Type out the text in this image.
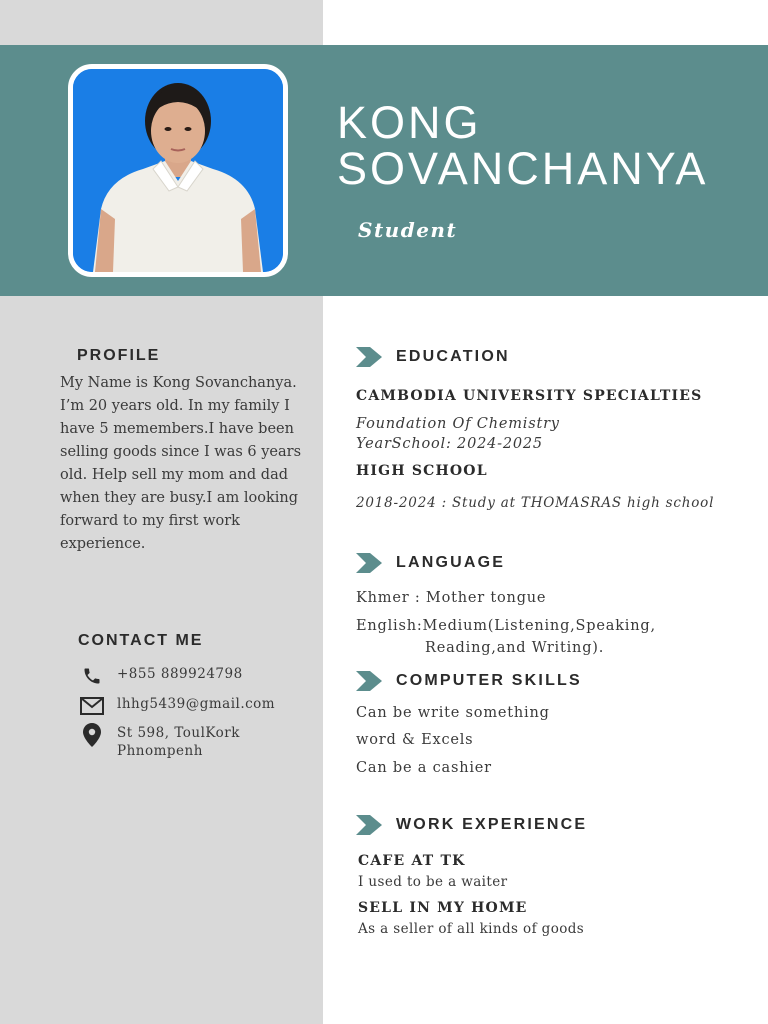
KONG
SOVANCHANYA
Student
PROFILE

My Name is Kong Sovanchanya. I’m 20 years old. In my family I have 5 memembers.I have been selling goods since I was 6 years old. Help sell my mom and dad when they are busy.I am looking forward to my first work experience.

CONTACT ME
+855 889924798
lhhg5439@gmail.com
St 598, ToulKork
Phnompenh
EDUCATION
CAMBODIA UNIVERSITY SPECIALTIES
Foundation Of Chemistry
YearSchool: 2024-2025
HIGH SCHOOL
2018-2024 : Study at THOMASRAS high school
LANGUAGE
Khmer : Mother tongue
English:Medium(Listening,Speaking,
Reading,and Writing).
COMPUTER SKILLS
Can be write something
word & Excels
Can be a cashier
WORK EXPERIENCE
CAFE AT TK
I used to be a waiter
SELL IN MY HOME
As a seller of all kinds of goods
